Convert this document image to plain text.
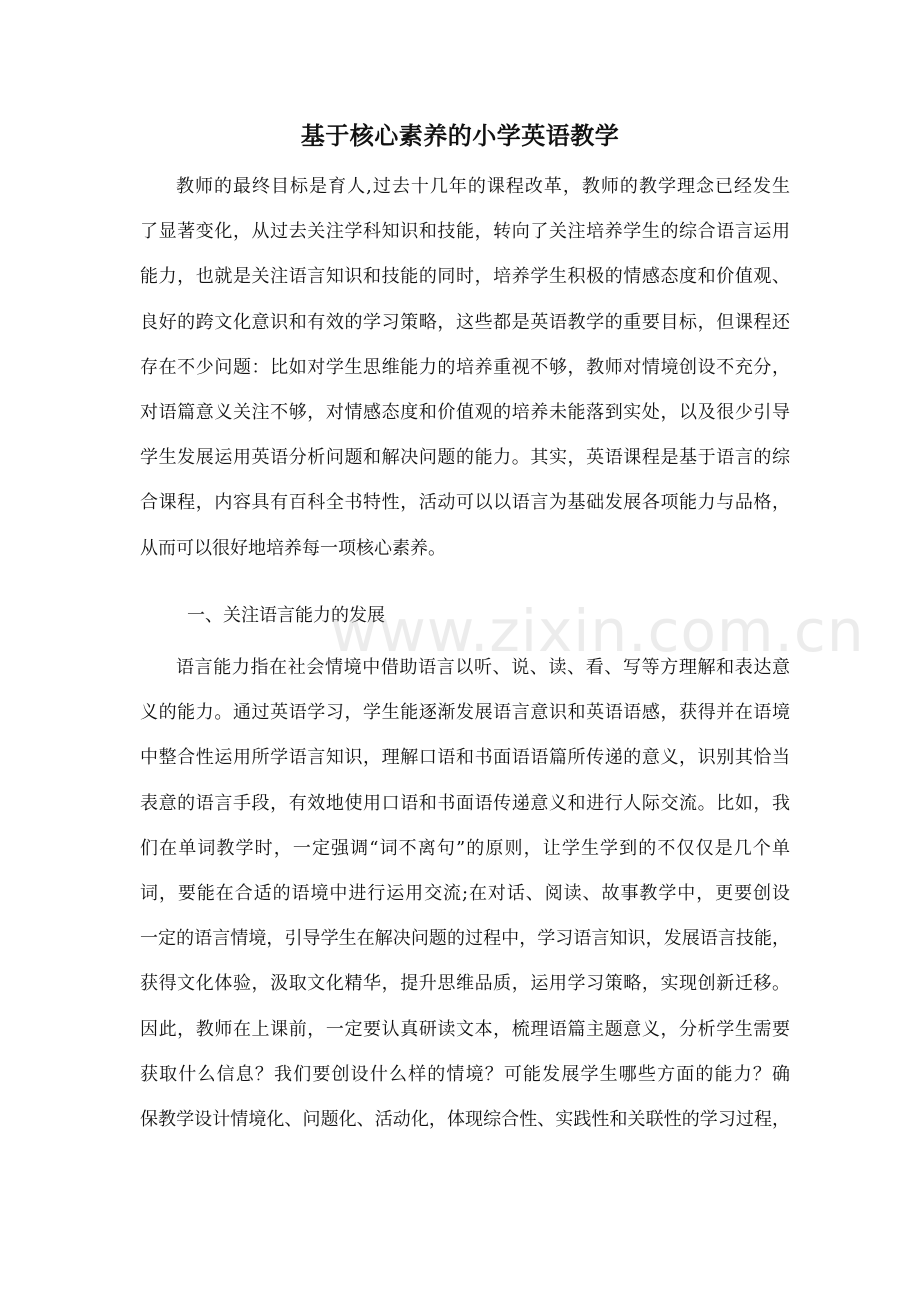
基于核心素养的小学英语教学
教师的最终目标是育人,过去十几年的课程改革，教师的教学理念已经发生
了显著变化，从过去关注学科知识和技能，转向了关注培养学生的综合语言运用
能力，也就是关注语言知识和技能的同时，培养学生积极的情感态度和价值观、
良好的跨文化意识和有效的学习策略，这些都是英语教学的重要目标，但课程还
存在不少问题：比如对学生思维能力的培养重视不够，教师对情境创设不充分，
对语篇意义关注不够，对情感态度和价值观的培养未能落到实处，以及很少引导
学生发展运用英语分析问题和解决问题的能力。其实，英语课程是基于语言的综
合课程，内容具有百科全书特性，活动可以以语言为基础发展各项能力与品格，
从而可以很好地培养每一项核心素养。
一、关注语言能力的发展
www.zixin.com.cn
语言能力指在社会情境中借助语言以听、说、读、看、写等方理解和表达意
义的能力。通过英语学习，学生能逐渐发展语言意识和英语语感，获得并在语境
中整合性运用所学语言知识，理解口语和书面语语篇所传递的意义，识别其恰当
表意的语言手段，有效地使用口语和书面语传递意义和进行人际交流。比如，我
们在单词教学时，一定强调“词不离句”的原则，让学生学到的不仅仅是几个单
词，要能在合适的语境中进行运用交流;在对话、阅读、故事教学中，更要创设
一定的语言情境，引导学生在解决问题的过程中，学习语言知识，发展语言技能，
获得文化体验，汲取文化精华，提升思维品质，运用学习策略，实现创新迁移。
因此，教师在上课前，一定要认真研读文本，梳理语篇主题意义，分析学生需要
获取什么信息？我们要创设什么样的情境？可能发展学生哪些方面的能力？确
保教学设计情境化、问题化、活动化，体现综合性、实践性和关联性的学习过程，
